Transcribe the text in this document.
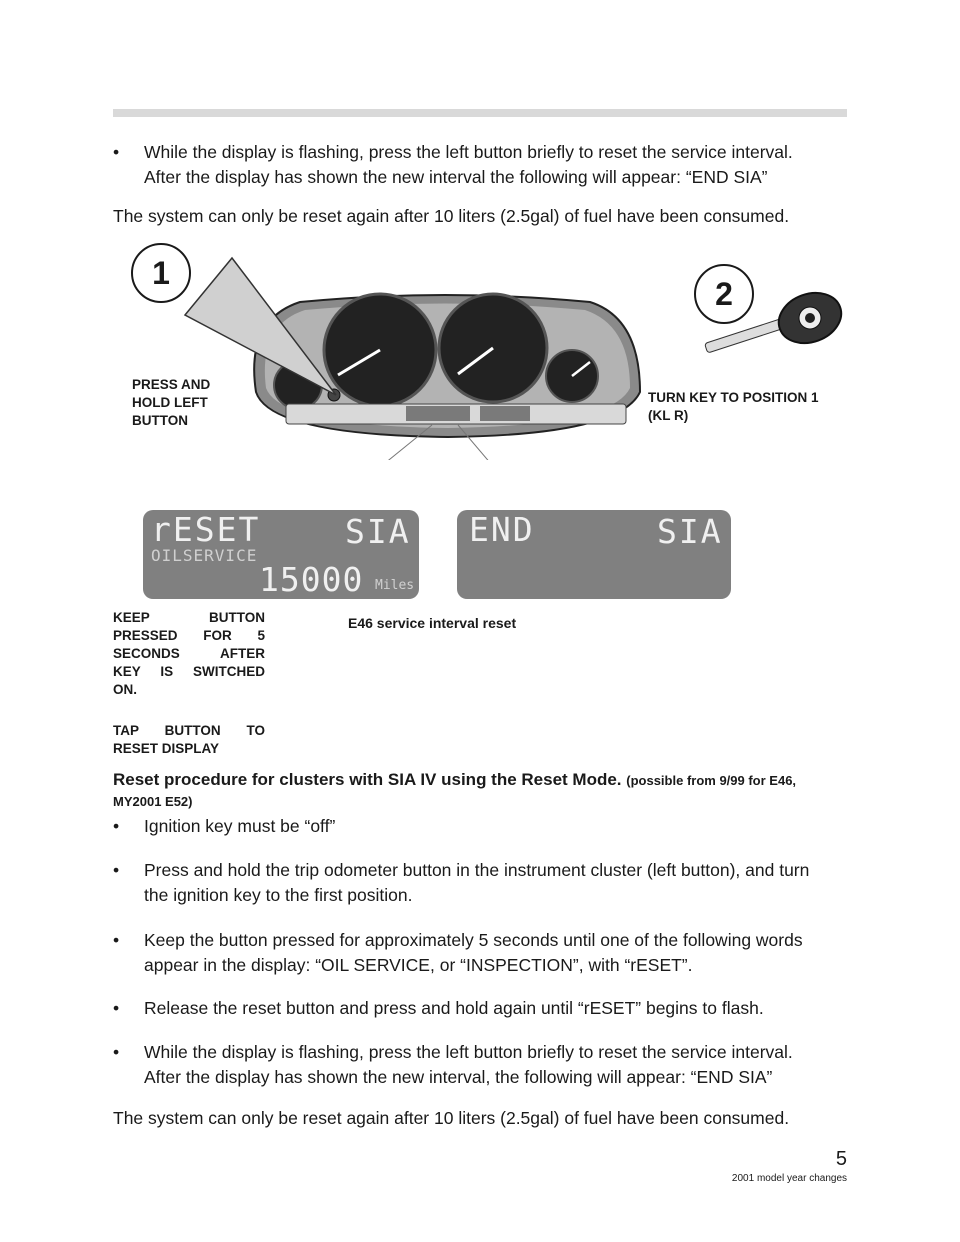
• While the display is flashing, press the left button briefly to reset the service interval.
After the display has shown the new interval the following will appear: “END SIA”

The system can only be reset again after 10 liters (2.5gal) of fuel have been consumed.

1
2
PRESS AND
HOLD LEFT
BUTTON
TURN KEY TO POSITION 1
(KL R)
rESET	SIA
OILSERVICE
15000 Miles
END	SIA
E46 service interval reset
KEEP BUTTON
PRESSED FOR 5
SECONDS AFTER
KEY IS SWITCHED
ON.
TAP BUTTON TO
RESET DISPLAY
Reset procedure for clusters with SIA IV using the Reset Mode. (possible from 9/99 for E46, MY2001 E52)
• Ignition key must be “off”
• Press and hold the trip odometer button in the instrument cluster (left button), and turn
the ignition key to the first position.
• Keep the button pressed for approximately 5 seconds until one of the following words
appear in the display: “OIL SERVICE, or “INSPECTION”, with “rESET”.
• Release the reset button and press and hold again until “rESET” begins to flash.
• While the display is flashing, press the left button briefly to reset the service interval.
After the display has shown the new interval, the following will appear: “END SIA”

The system can only be reset again after 10 liters (2.5gal) of fuel have been consumed.

5
2001 model year changes
